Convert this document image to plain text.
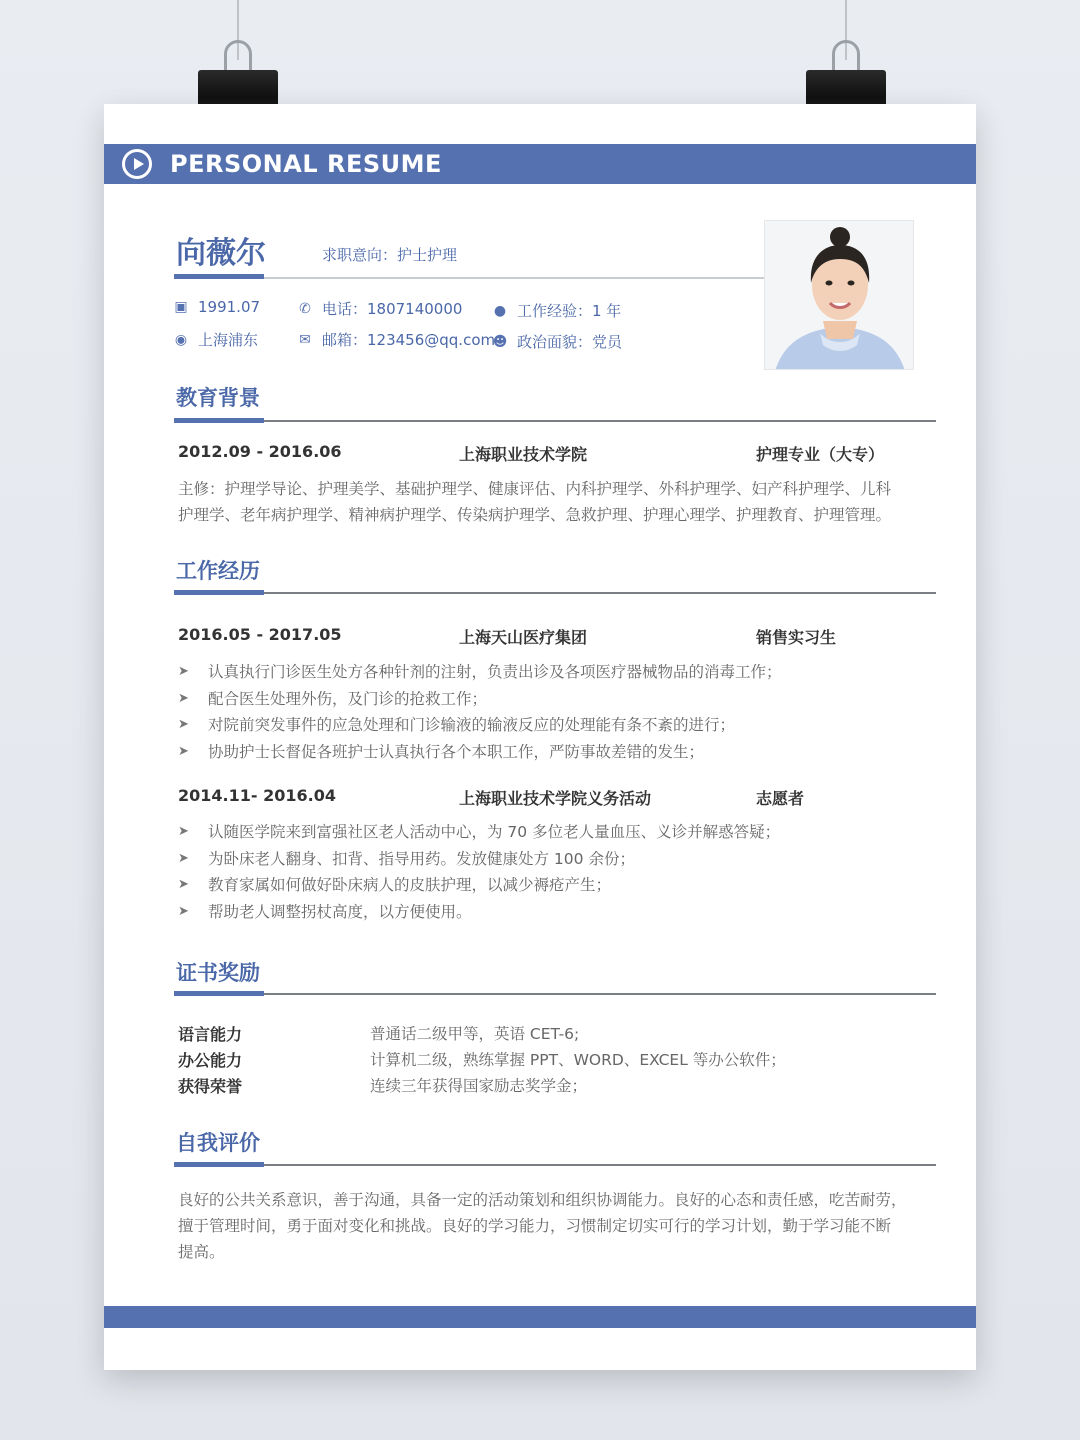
PERSONAL RESUME
向薇尔	求职意向：护士护理
▣ 1991.07
◉ 上海浦东
✆ 电话：1807140000
✉ 邮箱：123456@qq.com
● 工作经验：1 年
☻ 政治面貌：党员
教育背景
2012.09 - 2016.06	上海职业技术学院	护理专业（大专）
主修：护理学导论、护理美学、基础护理学、健康评估、内科护理学、外科护理学、妇产科护理学、儿科
护理学、老年病护理学、精神病护理学、传染病护理学、急救护理、护理心理学、护理教育、护理管理。
工作经历
2016.05 - 2017.05	上海天山医疗集团	销售实习生
➤	认真执行门诊医生处方各种针剂的注射，负责出诊及各项医疗器械物品的消毒工作；
➤	配合医生处理外伤，及门诊的抢救工作；
➤	对院前突发事件的应急处理和门诊输液的输液反应的处理能有条不紊的进行；
➤	协助护士长督促各班护士认真执行各个本职工作，严防事故差错的发生；
2014.11- 2016.04	上海职业技术学院义务活动	志愿者
➤	认随医学院来到富强社区老人活动中心，为 70 多位老人量血压、义诊并解惑答疑；
➤	为卧床老人翻身、扣背、指导用药。发放健康处方 100 余份；
➤	教育家属如何做好卧床病人的皮肤护理，以减少褥疮产生；
➤	帮助老人调整拐杖高度，以方便使用。
证书奖励
语言能力	普通话二级甲等，英语 CET-6;
办公能力	计算机二级，熟练掌握 PPT、WORD、EXCEL 等办公软件；
获得荣誉	连续三年获得国家励志奖学金；
自我评价
良好的公共关系意识，善于沟通，具备一定的活动策划和组织协调能力。良好的心态和责任感，吃苦耐劳，
擅于管理时间，勇于面对变化和挑战。良好的学习能力，习惯制定切实可行的学习计划，勤于学习能不断
提高。
